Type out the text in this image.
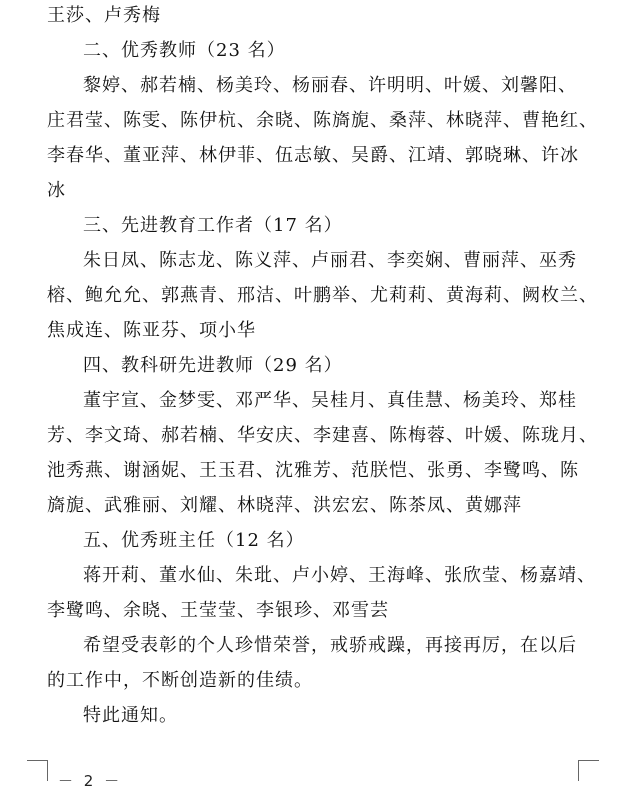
王莎、卢秀梅
二、优秀教师（23 名）
黎婷、郝若楠、杨美玲、杨丽春、许明明、叶媛、刘馨阳、
庄君莹、陈雯、陈伊杭、余晓、陈旖旎、桑萍、林晓萍、曹艳红、
李春华、董亚萍、林伊菲、伍志敏、吴爵、江靖、郭晓琳、许冰
冰
三、先进教育工作者（17 名）
朱日凤、陈志龙、陈义萍、卢丽君、李奕娴、曹丽萍、巫秀
榕、鲍允允、郭燕青、邢洁、叶鹏举、尤莉莉、黄海莉、阙枚兰、
焦成连、陈亚芬、项小华
四、教科研先进教师（29 名）
董宇宣、金梦雯、邓严华、吴桂月、真佳慧、杨美玲、郑桂
芳、李文琦、郝若楠、华安庆、李建喜、陈梅蓉、叶媛、陈珑月、
池秀燕、谢涵妮、王玉君、沈雅芳、范朕恺、张勇、李鹭鸣、陈
旖旎、武雅丽、刘耀、林晓萍、洪宏宏、陈茶凤、黄娜萍
五、优秀班主任（12 名）
蒋开莉、董水仙、朱玭、卢小婷、王海峰、张欣莹、杨嘉靖、
李鹭鸣、余晓、王莹莹、李银珍、邓雪芸
希望受表彰的个人珍惜荣誉，戒骄戒躁，再接再厉，在以后
的工作中，不断创造新的佳绩。
特此通知。
－ 2 －
